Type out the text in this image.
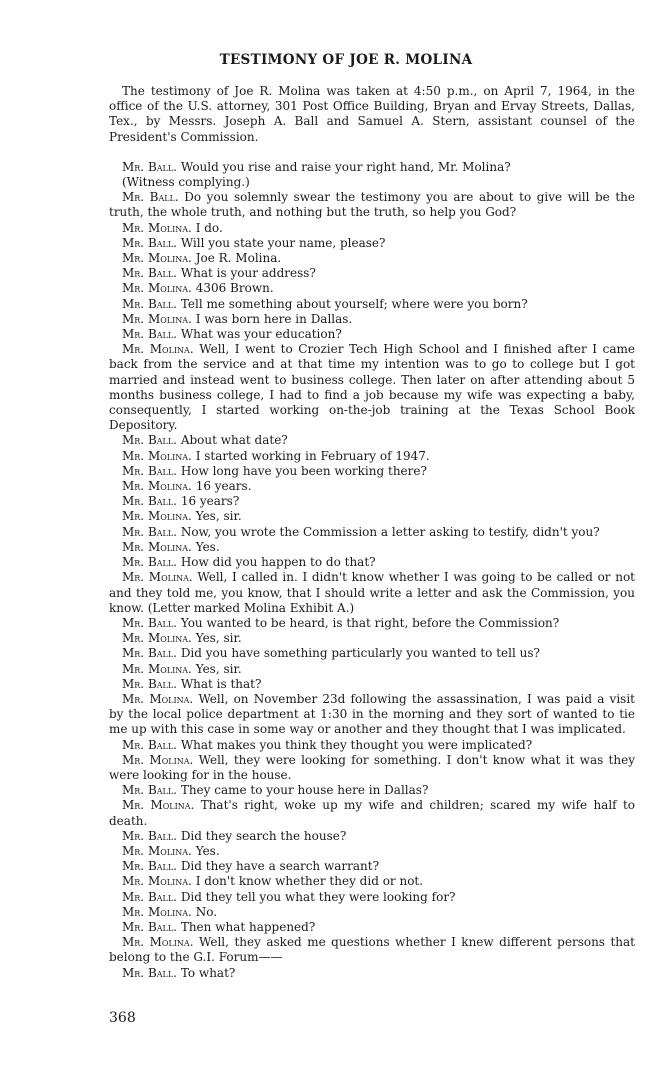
TESTIMONY OF JOE R. MOLINA

The testimony of Joe R. Molina was taken at 4:50 p.m., on April 7, 1964, in the office of the U.S. attorney, 301 Post Office Building, Bryan and Ervay Streets, Dallas, Tex., by Messrs. Joseph A. Ball and Samuel A. Stern, assistant counsel of the President's Commission.

Mr. Ball. Would you rise and raise your right hand, Mr. Molina?

(Witness complying.)

Mr. Ball. Do you solemnly swear the testimony you are about to give will be the truth, the whole truth, and nothing but the truth, so help you God?

Mr. Molina. I do.

Mr. Ball. Will you state your name, please?

Mr. Molina. Joe R. Molina.

Mr. Ball. What is your address?

Mr. Molina. 4306 Brown.

Mr. Ball. Tell me something about yourself; where were you born?

Mr. Molina. I was born here in Dallas.

Mr. Ball. What was your education?

Mr. Molina. Well, I went to Crozier Tech High School and I finished after I came back from the service and at that time my intention was to go to college but I got married and instead went to business college. Then later on after attending about 5 months business college, I had to find a job because my wife was expecting a baby, consequently, I started working on-the-job training at the Texas School Book Depository.

Mr. Ball. About what date?

Mr. Molina. I started working in February of 1947.

Mr. Ball. How long have you been working there?

Mr. Molina. 16 years.

Mr. Ball. 16 years?

Mr. Molina. Yes, sir.

Mr. Ball. Now, you wrote the Commission a letter asking to testify, didn't you?

Mr. Molina. Yes.

Mr. Ball. How did you happen to do that?

Mr. Molina. Well, I called in. I didn't know whether I was going to be called or not and they told me, you know, that I should write a letter and ask the Commission, you know. (Letter marked Molina Exhibit A.)

Mr. Ball. You wanted to be heard, is that right, before the Commission?

Mr. Molina. Yes, sir.

Mr. Ball. Did you have something particularly you wanted to tell us?

Mr. Molina. Yes, sir.

Mr. Ball. What is that?

Mr. Molina. Well, on November 23d following the assassination, I was paid a visit by the local police department at 1:30 in the morning and they sort of wanted to tie me up with this case in some way or another and they thought that I was implicated.

Mr. Ball. What makes you think they thought you were implicated?

Mr. Molina. Well, they were looking for something. I don't know what it was they were looking for in the house.

Mr. Ball. They came to your house here in Dallas?

Mr. Molina. That's right, woke up my wife and children; scared my wife half to death.

Mr. Ball. Did they search the house?

Mr. Molina. Yes.

Mr. Ball. Did they have a search warrant?

Mr. Molina. I don't know whether they did or not.

Mr. Ball. Did they tell you what they were looking for?

Mr. Molina. No.

Mr. Ball. Then what happened?

Mr. Molina. Well, they asked me questions whether I knew different persons that belong to the G.I. Forum——

Mr. Ball. To what?

368
